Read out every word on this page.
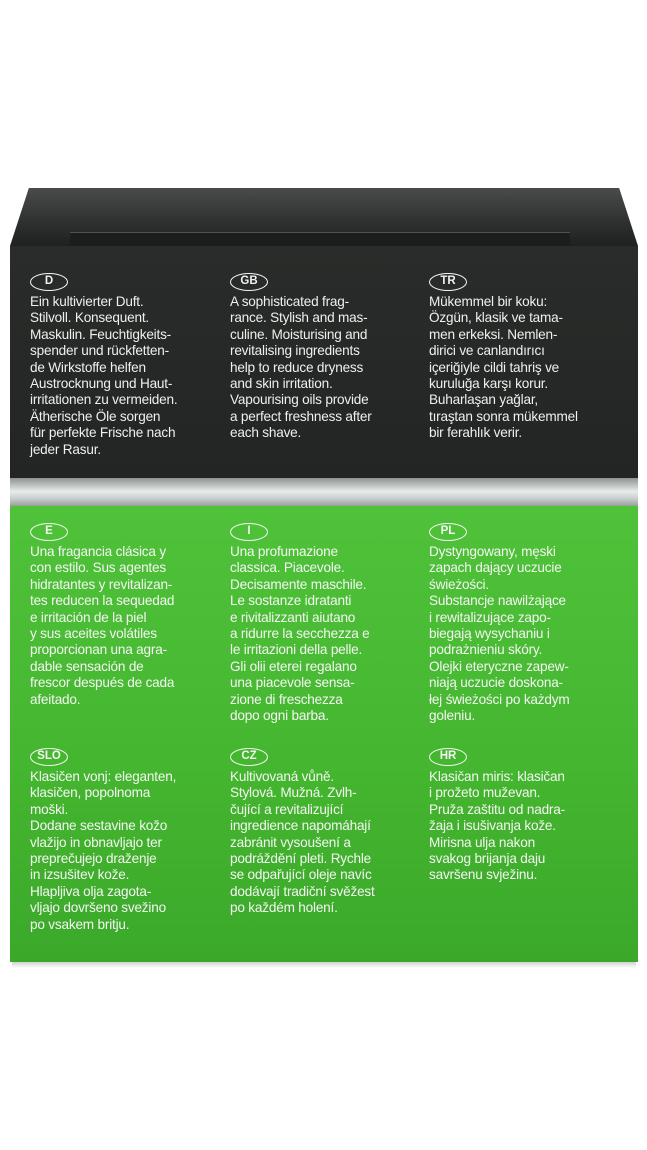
D
Ein kultivierter Duft.
Stilvoll. Konsequent.
Maskulin. Feuchtigkeits-
spender und rückfetten-
de Wirkstoffe helfen
Austrocknung und Haut-
irritationen zu vermeiden.
Ätherische Öle sorgen
für perfekte Frische nach
jeder Rasur.
GB
A sophisticated frag-
rance. Stylish and mas-
culine. Moisturising and
revitalising ingredients
help to reduce dryness
and skin irritation.
Vapourising oils provide
a perfect freshness after
each shave.
TR
Mükemmel bir koku:
Özgün, klasik ve tama-
men erkeksi. Nemlen-
dirici ve canlandırıcı
içeriğiyle cildi tahriş ve
kuruluğa karşı korur.
Buharlaşan yağlar,
tıraştan sonra mükemmel
bir ferahlık verir.
E
Una fragancia clásica y
con estilo. Sus agentes
hidratantes y revitalizan-
tes reducen la sequedad
e irritación de la piel
y sus aceites volátiles
proporcionan una agra-
dable sensación de
frescor después de cada
afeitado.
I
Una profumazione
classica. Piacevole.
Decisamente maschile.
Le sostanze idratanti
e rivitalizzanti aiutano
a ridurre la secchezza e
le irritazioni della pelle.
Gli olii eterei regalano
una piacevole sensa-
zione di freschezza
dopo ogni barba.
PL
Dystyngowany, męski
zapach dający uczucie
świeżości.
Substancje nawilżające
i rewitalizujące zapo-
biegają wysychaniu i
podrażnieniu skóry.
Olejki eteryczne zapew-
niają uczucie doskona-
łej świeżości po każdym
goleniu.
SLO
Klasičen vonj: eleganten,
klasičen, popolnoma
moški.
Dodane sestavine kožo
vlažijo in obnavljajo ter
preprečujejo draženje
in izsušitev kože.
Hlapljiva olja zagota-
vljajo dovršeno svežino
po vsakem britju.
CZ
Kultivovaná vůně.
Stylová. Mužná. Zvlh-
čující a revitalizující
ingredience napomáhají
zabránit vysoušení a
podráždění pleti. Rychle
se odpařující oleje navíc
dodávají tradiční svěžest
po každém holení.
HR
Klasičan miris: klasičan
i prožeto muževan.
Pruža zaštitu od nadra-
žaja i isušivanja kože.
Mirisna ulja nakon
svakog brijanja daju
savršenu svježinu.
